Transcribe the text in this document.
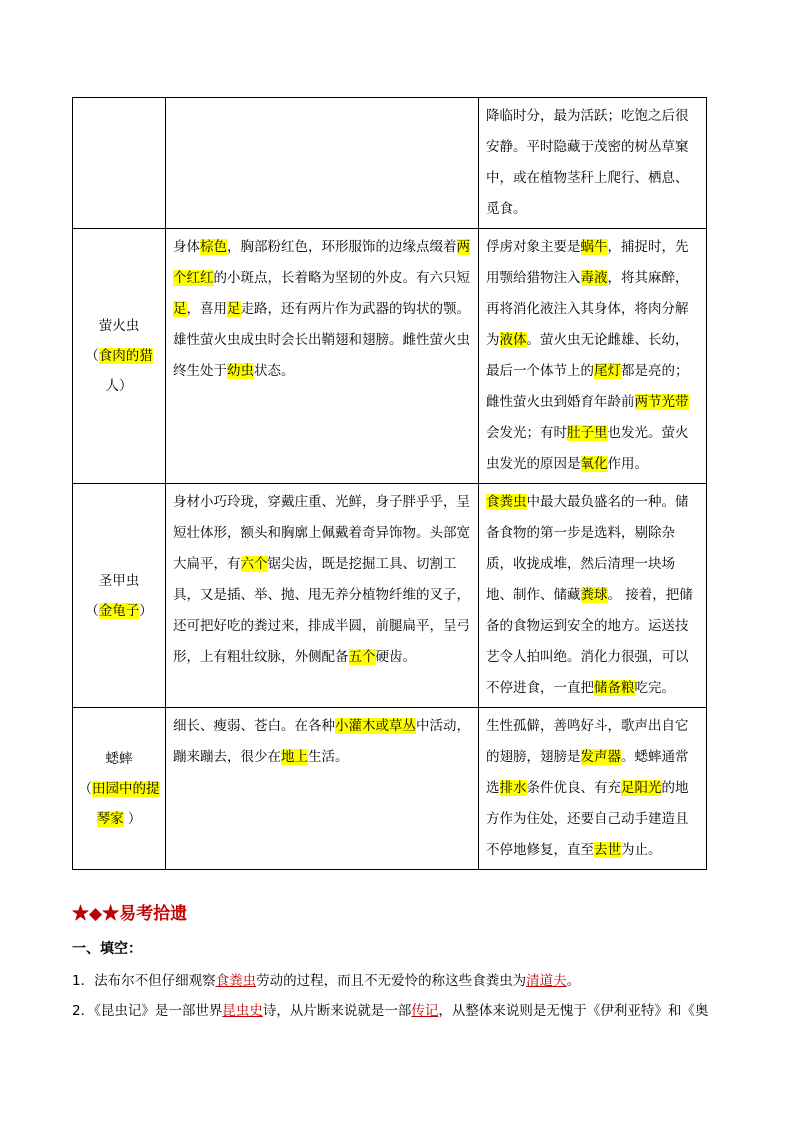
		降临时分，最为活跃；吃饱之后很安静。平时隐藏于茂密的树丛草窠中，或在植物茎秆上爬行、栖息、觅食。
萤火虫
（食肉的猎人）	身体棕色，胸部粉红色，环形服饰的边缘点缀着两个红红的小斑点，长着略为坚韧的外皮。有六只短足，喜用足走路，还有两片作为武器的钩状的颚。雄性萤火虫成虫时会长出鞘翅和翅膀。雌性萤火虫终生处于幼虫状态。	俘虏对象主要是蜗牛，捕捉时，先用颚给猎物注入毒液，将其麻醉，再将消化液注入其身体，将肉分解为液体。萤火虫无论雌雄、长幼，最后一个体节上的尾灯都是亮的；雌性萤火虫到婚育年龄前两节光带会发光；有时肚子里也发光。萤火虫发光的原因是氧化作用。
圣甲虫
（金龟子）	身材小巧玲珑，穿戴庄重、光鲜，身子胖乎乎，呈短壮体形，额头和胸廓上佩戴着奇异饰物。头部宽大扁平，有六个锯尖齿，既是挖掘工具、切割工具，又是插、举、抛、甩无养分植物纤维的叉子，还可把好吃的粪过来，排成半圆，前腿扁平，呈弓形，上有粗壮纹脉，外侧配备五个硬齿。	食粪虫中最大最负盛名的一种。储备食物的第一步是选料，剔除杂质，收拢成堆，然后清理一块场地、制作、储藏粪球。 接着，把储备的食物运到安全的地方。运送技艺令人拍叫绝。消化力很强，可以不停进食，一直把储备粮吃完。
蟋蟀
（田园中的提琴家 ）	细长、瘦弱、苍白。在各种小灌木或草丛中活动，蹦来蹦去，很少在地上生活。	生性孤僻，善鸣好斗，歌声出自它的翅膀，翅膀是发声器。蟋蟀通常选排水条件优良、有充足阳光的地方作为住处，还要自己动手建造且不停地修复，直至去世为止。
★◆★易考拾遗
一、填空：
1．法布尔不但仔细观察食粪虫劳动的过程，而且不无爱怜的称这些食粪虫为清道夫。
2．《昆虫记》是一部世界昆虫史诗，从片断来说就是一部传记，从整体来说则是无愧于《伊利亚特》和《奥
